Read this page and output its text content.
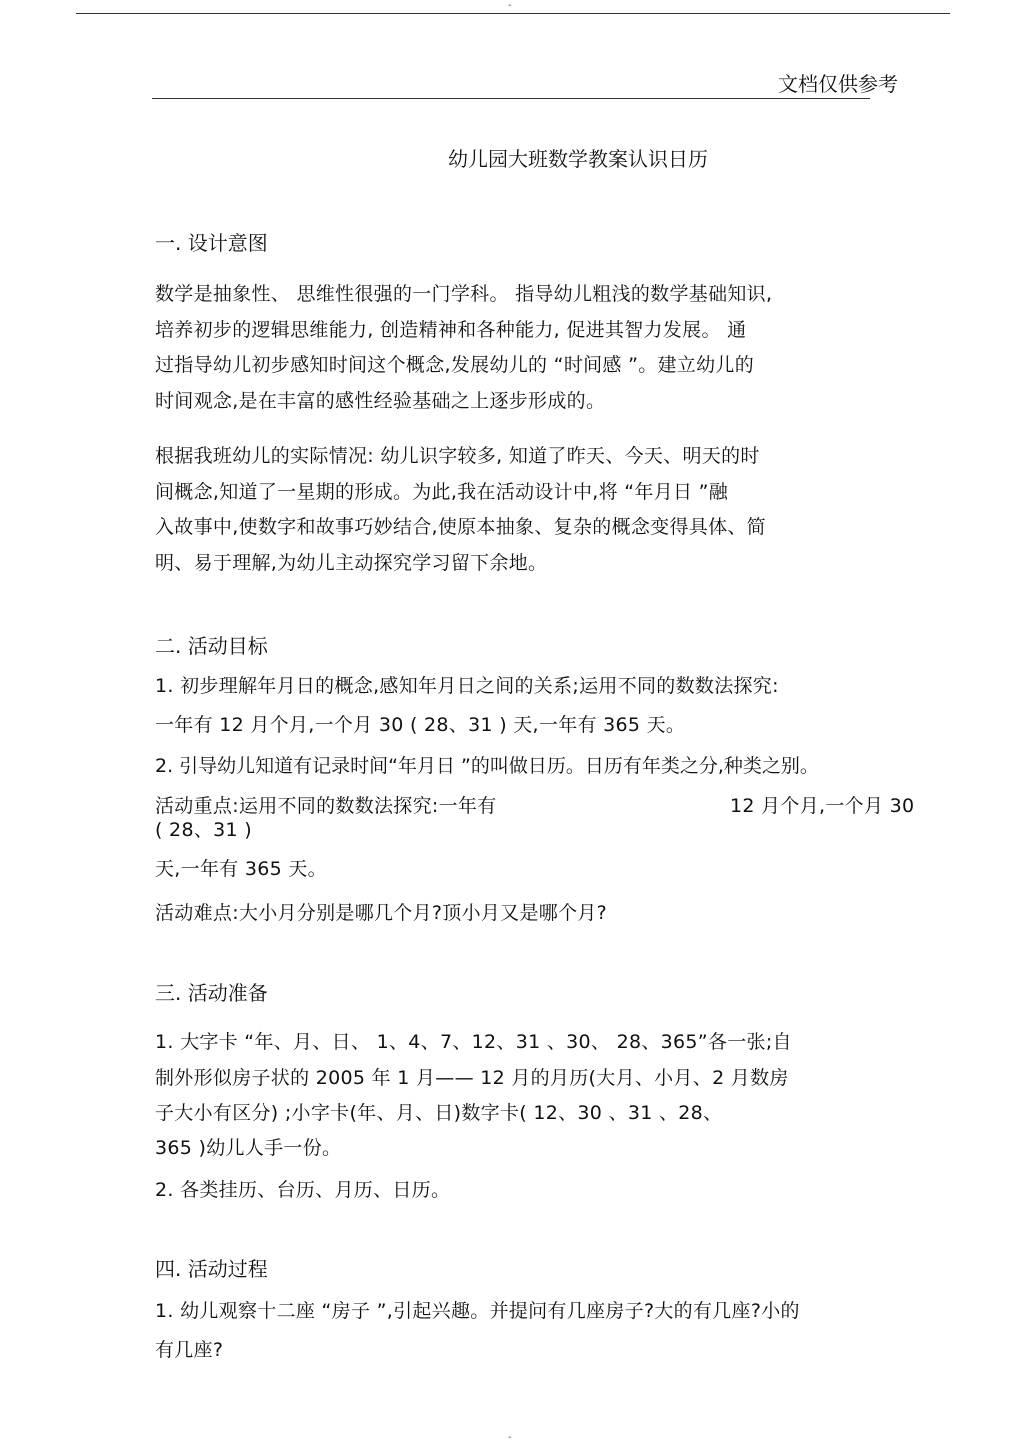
-
文档仅供参考
幼儿园大班数学教案认识日历
一. 设计意图
数学是抽象性、 思维性很强的一门学科。 指导幼儿粗浅的数学基础知识,
培养初步的逻辑思维能力, 创造精神和各种能力, 促进其智力发展。 通
过指导幼儿初步感知时间这个概念,发展幼儿的 “时间感 ”。建立幼儿的
时间观念,是在丰富的感性经验基础之上逐步形成的。
根据我班幼儿的实际情况: 幼儿识字较多, 知道了昨天、今天、明天的时
间概念,知道了一星期的形成。为此,我在活动设计中,将 “年月日 ”融
入故事中,使数字和故事巧妙结合,使原本抽象、复杂的概念变得具体、简
明、易于理解,为幼儿主动探究学习留下余地。
二. 活动目标
1. 初步理解年月日的概念,感知年月日之间的关系;运用不同的数数法探究:
一年有 12 月个月,一个月 30 ( 28、31 ) 天,一年有 365 天。
2. 引导幼儿知道有记录时间“年月日 ”的叫做日历。日历有年类之分,种类之别。
活动重点:运用不同的数数法探究:一年有	12 月个月,一个月 30
( 28、31 )
天,一年有 365 天。
活动难点:大小月分别是哪几个月?顶小月又是哪个月?
三. 活动准备
1. 大字卡 “年、月、日、 1、4、7、12、31 、30、 28、365”各一张;自
制外形似房子状的 2005 年 1 月—— 12 月的月历(大月、小月、2 月数房
子大小有区分) ;小字卡(年、月、日)数字卡( 12、30 、31 、28、
365 )幼儿人手一份。
2. 各类挂历、台历、月历、日历。
四. 活动过程
1. 幼儿观察十二座 “房子 ”,引起兴趣。并提问有几座房子?大的有几座?小的
有几座?
-
